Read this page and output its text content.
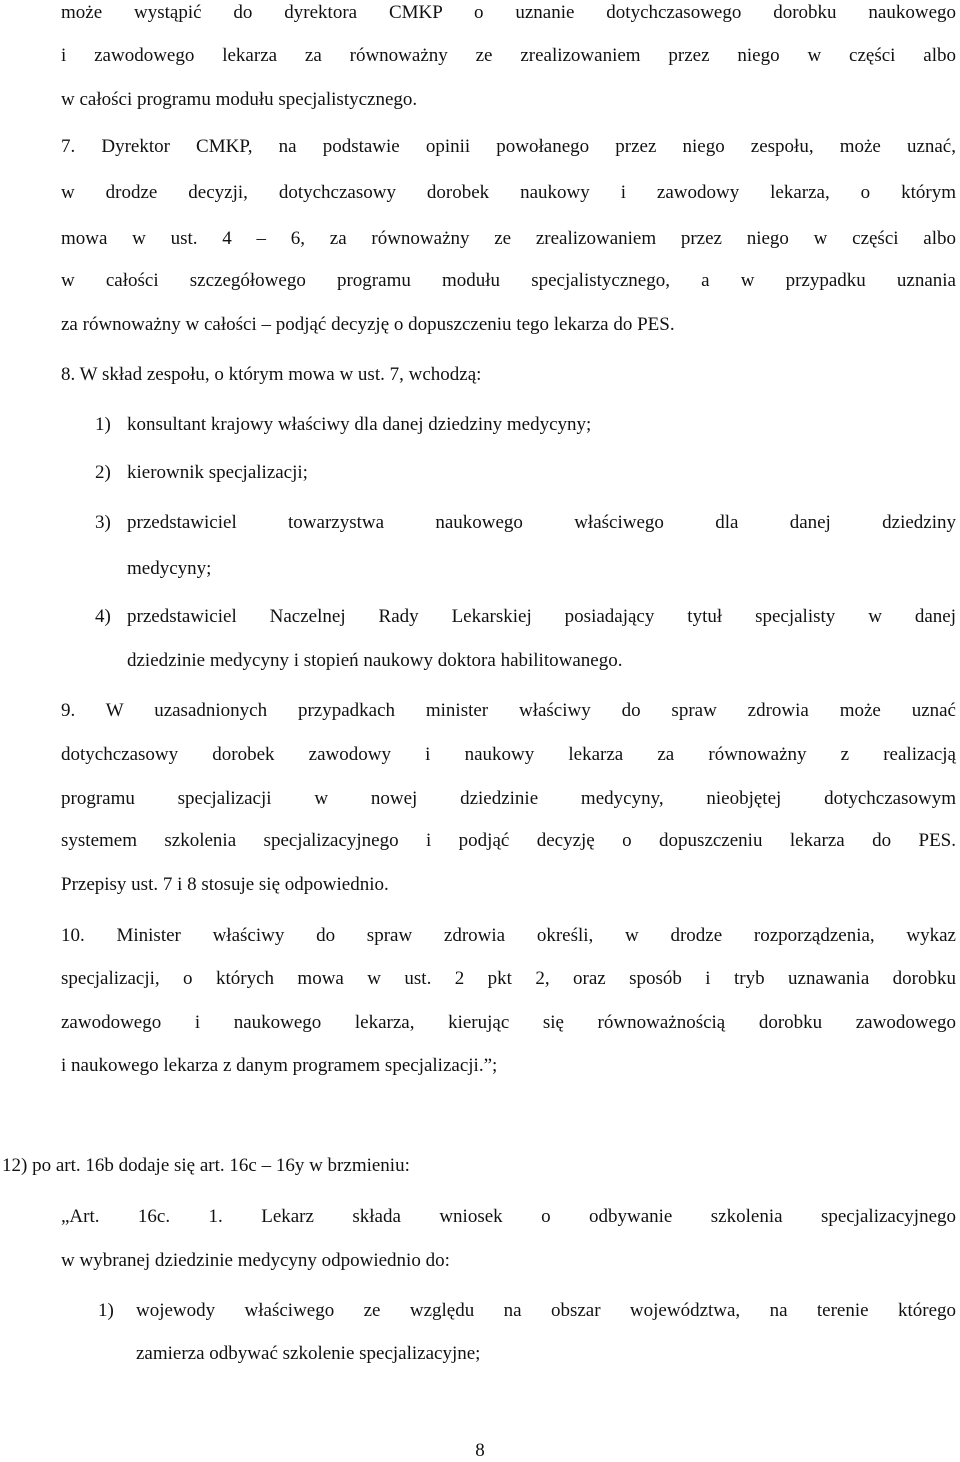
może wystąpić do dyrektora CMKP o uznanie dotychczasowego dorobku naukowego
i zawodowego lekarza za równoważny ze zrealizowaniem przez niego w części albo
w całości programu modułu specjalistycznego.
7. Dyrektor CMKP, na podstawie opinii powołanego przez niego zespołu, może uznać,
w drodze decyzji, dotychczasowy dorobek naukowy i zawodowy lekarza, o którym
mowa w ust. 4 – 6, za równoważny ze zrealizowaniem przez niego w części albo
w całości szczegółowego programu modułu specjalistycznego, a w przypadku uznania
za równoważny w całości – podjąć decyzję o dopuszczeniu tego lekarza do PES.
8. W skład zespołu, o którym mowa w ust. 7, wchodzą:
1) konsultant krajowy właściwy dla danej dziedziny medycyny;
2) kierownik specjalizacji;
3) przedstawiciel towarzystwa naukowego właściwego dla danej dziedziny
medycyny;
4) przedstawiciel Naczelnej Rady Lekarskiej posiadający tytuł specjalisty w danej
dziedzinie medycyny i stopień naukowy doktora habilitowanego.
9. W uzasadnionych przypadkach minister właściwy do spraw zdrowia może uznać
dotychczasowy dorobek zawodowy i naukowy lekarza za równoważny z realizacją
programu specjalizacji w nowej dziedzinie medycyny, nieobjętej dotychczasowym
systemem szkolenia specjalizacyjnego i podjąć decyzję o dopuszczeniu lekarza do PES.
Przepisy ust. 7 i 8 stosuje się odpowiednio.
10. Minister właściwy do spraw zdrowia określi, w drodze rozporządzenia, wykaz
specjalizacji, o których mowa w ust. 2 pkt 2, oraz sposób i tryb uznawania dorobku
zawodowego i naukowego lekarza, kierując się równoważnością dorobku zawodowego
i naukowego lekarza z danym programem specjalizacji.”;
12) po art. 16b dodaje się art. 16c – 16y w brzmieniu:
„Art. 16c. 1. Lekarz składa wniosek o odbywanie szkolenia specjalizacyjnego
w wybranej dziedzinie medycyny odpowiednio do:
1) wojewody właściwego ze względu na obszar województwa, na terenie którego
zamierza odbywać szkolenie specjalizacyjne;
8
